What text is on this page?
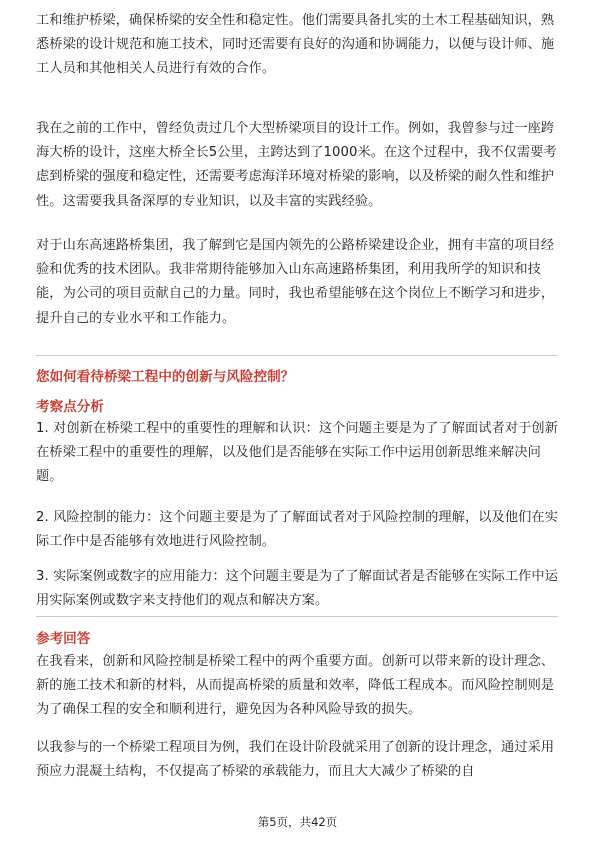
工和维护桥梁，确保桥梁的安全性和稳定性。他们需要具备扎实的土木工程基础知识，熟悉桥梁的设计规范和施工技术，同时还需要有良好的沟通和协调能力，以便与设计师、施工人员和其他相关人员进行有效的合作。

我在之前的工作中，曾经负责过几个大型桥梁项目的设计工作。例如，我曾参与过一座跨海大桥的设计，这座大桥全长5公里，主跨达到了1000米。在这个过程中，我不仅需要考虑到桥梁的强度和稳定性，还需要考虑海洋环境对桥梁的影响，以及桥梁的耐久性和维护性。这需要我具备深厚的专业知识，以及丰富的实践经验。

对于山东高速路桥集团，我了解到它是国内领先的公路桥梁建设企业，拥有丰富的项目经验和优秀的技术团队。我非常期待能够加入山东高速路桥集团，利用我所学的知识和技能，为公司的项目贡献自己的力量。同时，我也希望能够在这个岗位上不断学习和进步，提升自己的专业水平和工作能力。

您如何看待桥梁工程中的创新与风险控制？
考察点分析

1. 对创新在桥梁工程中的重要性的理解和认识：这个问题主要是为了了解面试者对于创新在桥梁工程中的重要性的理解，以及他们是否能够在实际工作中运用创新思维来解决问题。

2. 风险控制的能力：这个问题主要是为了了解面试者对于风险控制的理解，以及他们在实际工作中是否能够有效地进行风险控制。

3. 实际案例或数字的应用能力：这个问题主要是为了了解面试者是否能够在实际工作中运用实际案例或数字来支持他们的观点和解决方案。

参考回答

在我看来，创新和风险控制是桥梁工程中的两个重要方面。创新可以带来新的设计理念、新的施工技术和新的材料，从而提高桥梁的质量和效率，降低工程成本。而风险控制则是为了确保工程的安全和顺利进行，避免因为各种风险导致的损失。

以我参与的一个桥梁工程项目为例，我们在设计阶段就采用了创新的设计理念，通过采用预应力混凝土结构，不仅提高了桥梁的承载能力，而且大大减少了桥梁的自

第5页，共42页
